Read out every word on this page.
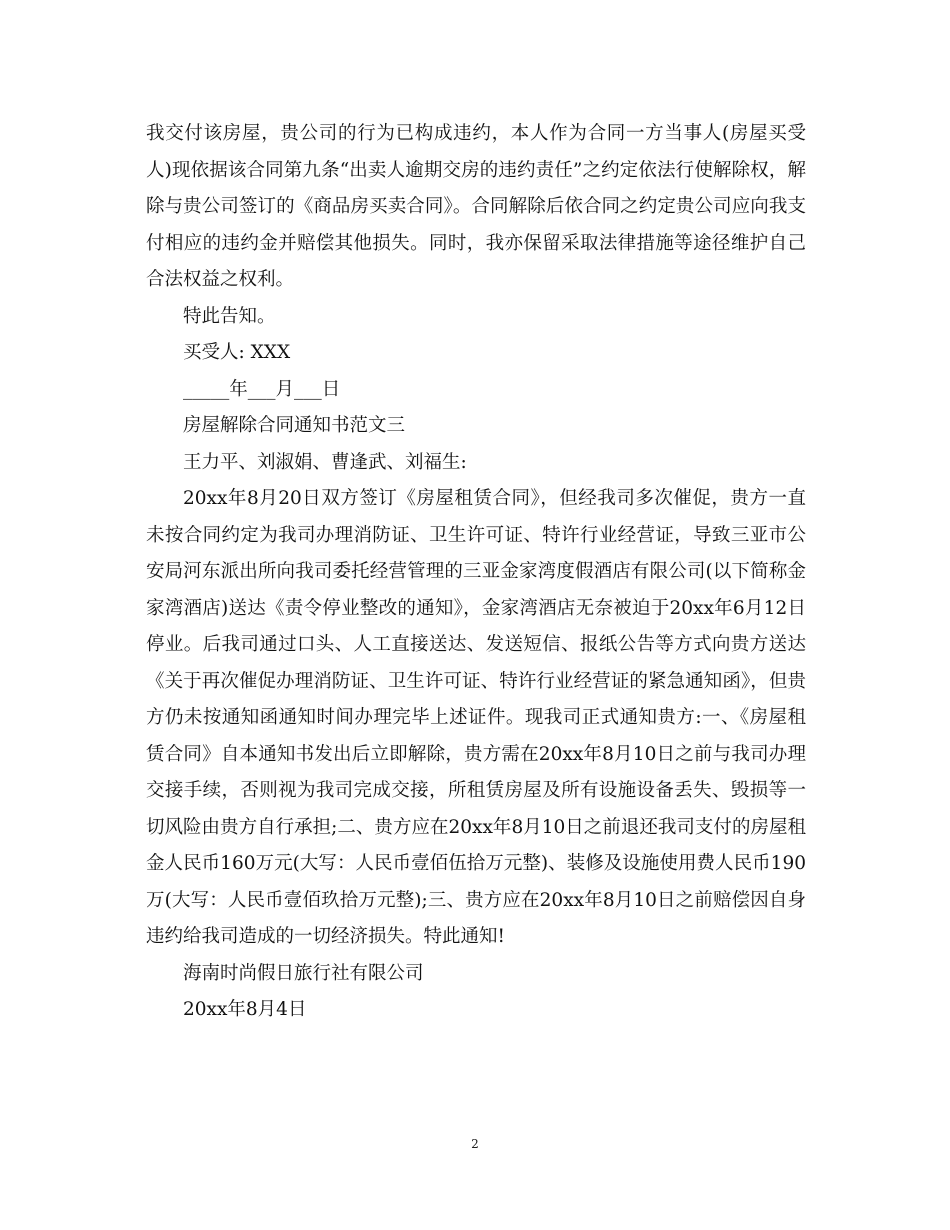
我交付该房屋，贵公司的行为已构成违约，本人作为合同一方当事人(房屋买受人)现依据该合同第九条“出卖人逾期交房的违约责任”之约定依法行使解除权，解除与贵公司签订的《商品房买卖合同》。合同解除后依合同之约定贵公司应向我支付相应的违约金并赔偿其他损失。同时，我亦保留采取法律措施等途径维护自己合法权益之权利。

特此告知。

买受人: XXX

_____年___月___日

房屋解除合同通知书范文三

王力平、刘淑娟、曹逢武、刘福生:

20xx年8月20日双方签订《房屋租赁合同》，但经我司多次催促，贵方一直未按合同约定为我司办理消防证、卫生许可证、特许行业经营证，导致三亚市公安局河东派出所向我司委托经营管理的三亚金家湾度假酒店有限公司(以下简称金家湾酒店)送达《责令停业整改的通知》，金家湾酒店无奈被迫于20xx年6月12日停业。后我司通过口头、人工直接送达、发送短信、报纸公告等方式向贵方送达《关于再次催促办理消防证、卫生许可证、特许行业经营证的紧急通知函》，但贵方仍未按通知函通知时间办理完毕上述证件。现我司正式通知贵方:一、《房屋租赁合同》自本通知书发出后立即解除，贵方需在20xx年8月10日之前与我司办理交接手续，否则视为我司完成交接，所租赁房屋及所有设施设备丢失、毁损等一切风险由贵方自行承担;二、贵方应在20xx年8月10日之前退还我司支付的房屋租金人民币160万元(大写：人民币壹佰伍拾万元整)、装修及设施使用费人民币190万(大写：人民币壹佰玖拾万元整);三、贵方应在20xx年8月10日之前赔偿因自身违约给我司造成的一切经济损失。特此通知!

海南时尚假日旅行社有限公司

20xx年8月4日

2
